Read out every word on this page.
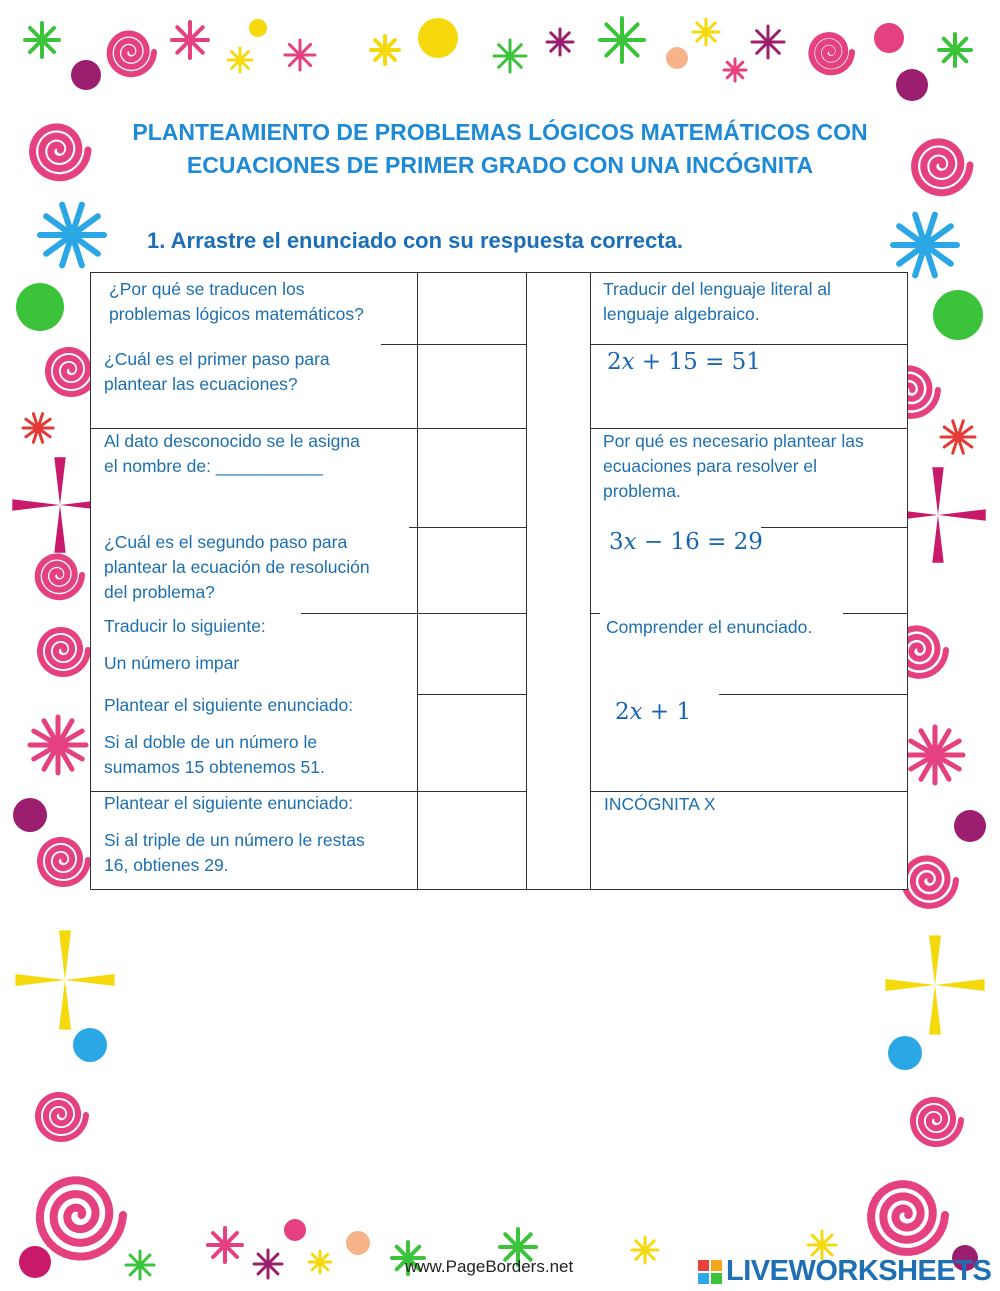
PLANTEAMIENTO DE PROBLEMAS LÓGICOS MATEMÁTICOS CON ECUACIONES DE PRIMER GRADO CON UNA INCÓGNITA

1. Arrastre el enunciado con su respuesta correcta.

¿Por qué se traducen los
problemas lógicos matemáticos?
¿Cuál es el primer paso para
plantear las ecuaciones?
Al dato desconocido se le asigna
el nombre de: ___________
¿Cuál es el segundo paso para
plantear la ecuación de resolución
del problema?
Traducir lo siguiente:
Un número impar
Plantear el siguiente enunciado:
Si al doble de un número le
sumamos 15 obtenemos 51.
Plantear el siguiente enunciado:
Si al triple de un número le restas
16, obtienes 29.
Traducir del lenguaje literal al
lenguaje algebraico.
2𝑥 + 15 = 51
Por qué es necesario plantear las
ecuaciones para resolver el
problema.
3𝑥 − 16 = 29
Comprender el enunciado.
2𝑥 + 1
INCÓGNITA X
www.PageBorders.net	LIVEWORKSHEETS
